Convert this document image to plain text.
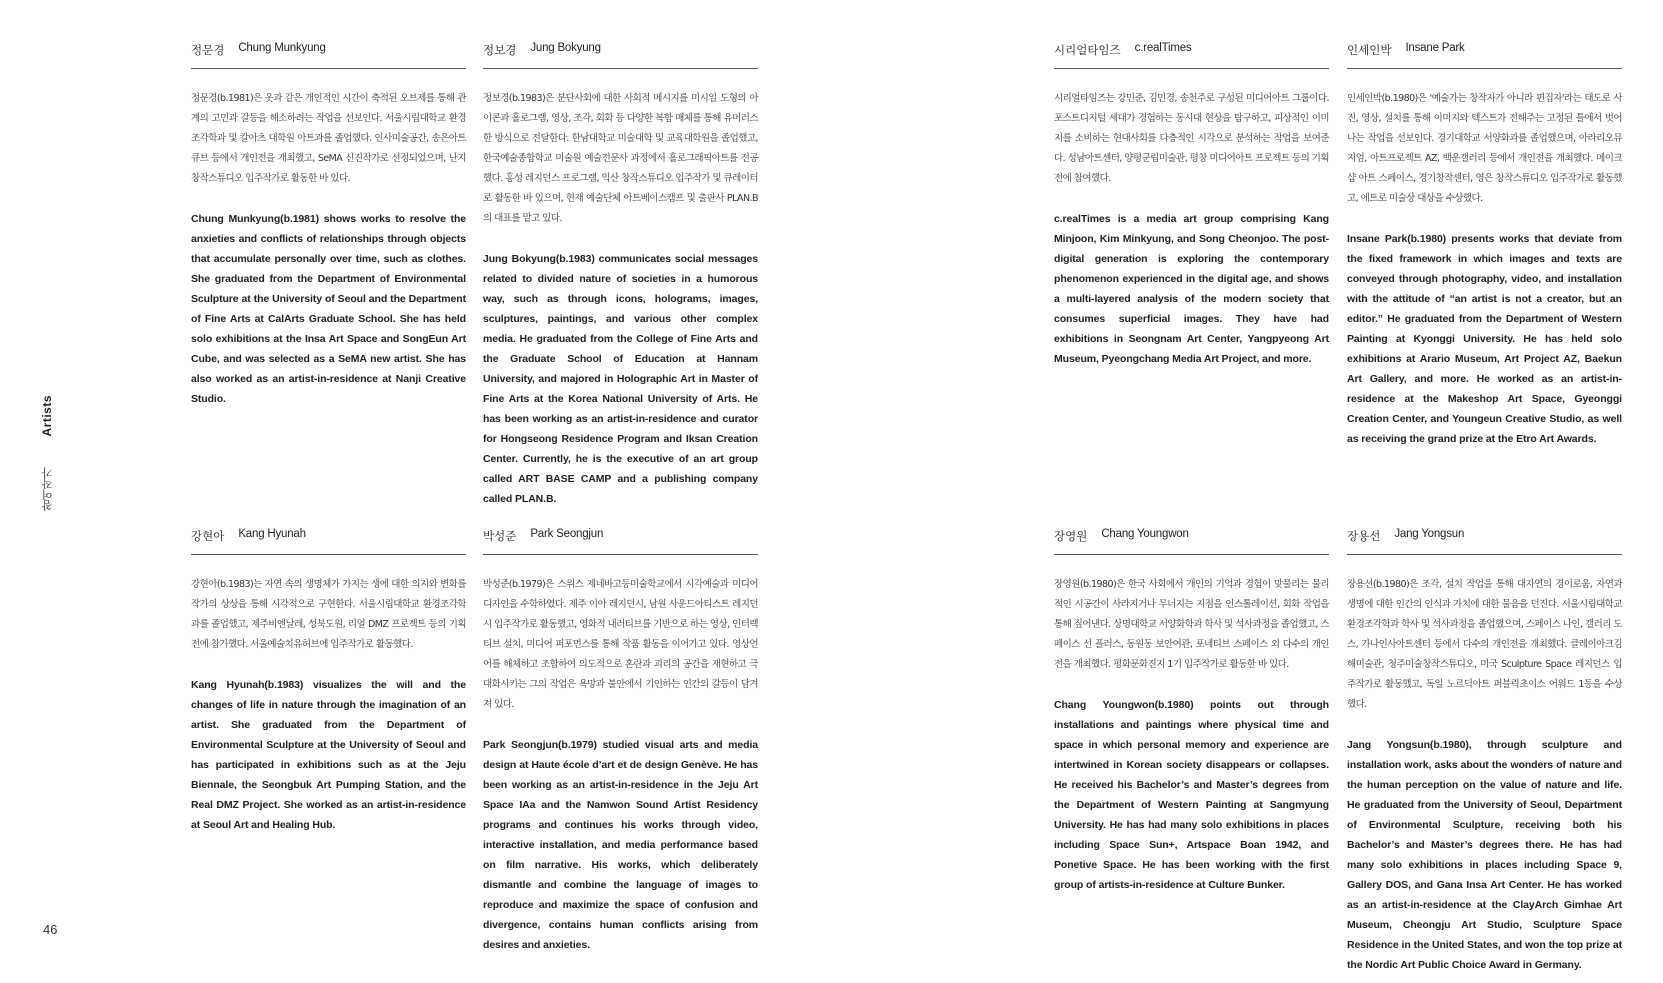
Artists
참여작가
46
정문경 Chung Munkyung
정문경(b.1981)은 옷과 같은 개인적인 시간이 축적된 오브제를 통해 관계의 고민과 갈등을 해소하려는 작업을 선보인다. 서울시립대학교 환경조각학과 및 칼아츠 대학원 아트과를 졸업했다. 인사미술공간, 송은아트큐브 등에서 개인전을 개최했고, SeMA 신진작가로 선정되었으며, 난지창작스튜디오 입주작가로 활동한 바 있다.
Chung Munkyung(b.1981) shows works to resolve the anxieties and conflicts of relationships through objects that accumulate personally over time, such as clothes. She graduated from the Department of Environmental Sculpture at the University of Seoul and the Department of Fine Arts at CalArts Graduate School. She has held solo exhibitions at the Insa Art Space and SongEun Art Cube, and was selected as a SeMA new artist. She has also worked as an artist-in-residence at Nanji Creative Studio.
정보경 Jung Bokyung
정보경(b.1983)은 분단사회에 대한 사회적 메시지를 미시일 도형의 아이콘과 홀로그램, 영상, 조각, 회화 등 다양한 복합 매체를 통해 유머러스한 방식으로 전달한다. 한남대학교 미술대학 및 교육대학원을 졸업했고, 한국예술종합학교 미술원 예술전문사 과정에서 홀로그래픽아트를 전공했다. 홍성 레지던스 프로그램, 익산 창작스튜디오 입주작가 및 큐레이터로 활동한 바 있으며, 현재 예술단체 아트베이스캠프 및 출판사 PLAN.B의 대표를 맡고 있다.
Jung Bokyung(b.1983) communicates social messages related to divided nature of societies in a humorous way, such as through icons, holograms, images, sculptures, paintings, and various other complex media. He graduated from the College of Fine Arts and the Graduate School of Education at Hannam University, and majored in Holographic Art in Master of Fine Arts at the Korea National University of Arts. He has been working as an artist-in-residence and curator for Hongseong Residence Program and Iksan Creation Center. Currently, he is the executive of an art group called ART BASE CAMP and a publishing company called PLAN.B.
시리얼타임즈 c.realTimes
시리얼타임즈는 강민준, 김민경, 송천주로 구성된 미디어아트 그룹이다. 포스트디지털 세대가 경험하는 동시대 현상을 탐구하고, 피상적인 이미지를 소비하는 현대사회를 다층적인 시각으로 분석하는 작업을 보여준다. 성남아트센터, 양평군립미술관, 평창 미디어아트 프로젝트 등의 기획전에 참여했다.
c.realTimes is a media art group comprising Kang Minjoon, Kim Minkyung, and Song Cheonjoo. The post-digital generation is exploring the contemporary phenomenon experienced in the digital age, and shows a multi-layered analysis of the modern society that consumes superficial images. They have had exhibitions in Seongnam Art Center, Yangpyeong Art Museum, Pyeongchang Media Art Project, and more.
인세인박 Insane Park
인세인박(b.1980)은 '예술가는 창작자가 아니라 편집자'라는 태도로 사진, 영상, 설치를 통해 이미지와 텍스트가 전해주는 고정된 틀에서 벗어나는 작업을 선보인다. 경기대학교 서양화과를 졸업했으며, 아라리오뮤지엄, 아트프로젝트 AZ, 백운갤러리 등에서 개인전을 개최했다. 메이크샵 아트 스페이스, 경기창작센터, 영은 창작스튜디오 입주작가로 활동했고, 에트로 미술상 대상을 수상했다.
Insane Park(b.1980) presents works that deviate from the fixed framework in which images and texts are conveyed through photography, video, and installation with the attitude of “an artist is not a creator, but an editor.” He graduated from the Department of Western Painting at Kyonggi University. He has held solo exhibitions at Arario Museum, Art Project AZ, Baekun Art Gallery, and more. He worked as an artist-in-residence at the Makeshop Art Space, Gyeonggi Creation Center, and Youngeun Creative Studio, as well as receiving the grand prize at the Etro Art Awards.
강현아 Kang Hyunah
강현아(b.1983)는 자연 속의 생명체가 가지는 생에 대한 의지와 변화를 작가의 상상을 통해 시각적으로 구현한다. 서울시립대학교 환경조각학과를 졸업했고, 제주비엔날레, 성북도원, 리얼 DMZ 프로젝트 등의 기획전에 참가했다. 서울예술치유허브에 입주작가로 활동했다.
Kang Hyunah(b.1983) visualizes the will and the changes of life in nature through the imagination of an artist. She graduated from the Department of Environmental Sculpture at the University of Seoul and has participated in exhibitions such as at the Jeju Biennale, the Seongbuk Art Pumping Station, and the Real DMZ Project. She worked as an artist-in-residence at Seoul Art and Healing Hub.
박성준 Park Seongjun
박성준(b.1979)은 스위스 제네바고등미술학교에서 시각예술과 미디어 디자인을 수학하였다. 제주 이아 레지던시, 남원 사운드아티스트 레지던시 입주작가로 활동했고, 영화적 내러티브를 기반으로 하는 영상, 인터랙티브 설치, 미디어 퍼포먼스를 통해 작품 활동을 이어가고 있다. 영상언어를 해체하고 조합하여 의도적으로 혼란과 괴리의 공간을 재현하고 극대화시키는 그의 작업은 욕망과 불안에서 기인하는 인간의 갈등이 담겨져 있다.
Park Seongjun(b.1979) studied visual arts and media design at Haute école d’art et de design Genève. He has been working as an artist-in-residence in the Jeju Art Space IAa and the Namwon Sound Artist Residency programs and continues his works through video, interactive installation, and media performance based on film narrative. His works, which deliberately dismantle and combine the language of images to reproduce and maximize the space of confusion and divergence, contains human conflicts arising from desires and anxieties.
장영원 Chang Youngwon
장영원(b.1980)은 한국 사회에서 개인의 기억과 경험이 맞물리는 물리적인 시공간이 사라지거나 무너지는 지점을 인스톨레이션, 회화 작업을 통해 짚어낸다. 상명대학교 서양화학과 학사 및 석사과정을 졸업했고, 스페이스 선 플러스, 동원동 보안여관, 포네티브 스페이스 외 다수의 개인전을 개최했다. 평화문화진지 1기 입주작가로 활동한 바 있다.
Chang Youngwon(b.1980) points out through installations and paintings where physical time and space in which personal memory and experience are intertwined in Korean society disappears or collapses. He received his Bachelor’s and Master’s degrees from the Department of Western Painting at Sangmyung University. He has had many solo exhibitions in places including Space Sun+, Artspace Boan 1942, and Ponetive Space. He has been working with the first group of artists-in-residence at Culture Bunker.
장용선 Jang Yongsun
장용선(b.1980)은 조각, 설치 작업을 통해 대자연의 경이로움, 자연과 생명에 대한 인간의 인식과 가치에 대한 물음을 던진다. 서울시립대학교 환경조각학과 학사 및 석사과정을 졸업했으며, 스페이스 나인, 갤러리 도스, 가나인사아트센터 등에서 다수의 개인전을 개최했다. 클레이아크김해미술관, 청주미술창작스튜디오, 미국 Sculpture Space 레지던스 입주작가로 활동했고, 독일 노르딕아트 퍼블릭초이스 어워드 1등을 수상했다.
Jang Yongsun(b.1980), through sculpture and installation work, asks about the wonders of nature and the human perception on the value of nature and life. He graduated from the University of Seoul, Department of Environmental Sculpture, receiving both his Bachelor’s and Master’s degrees there. He has had many solo exhibitions in places including Space 9, Gallery DOS, and Gana Insa Art Center. He has worked as an artist-in-residence at the ClayArch Gimhae Art Museum, Cheongju Art Studio, Sculpture Space Residence in the United States, and won the top prize at the Nordic Art Public Choice Award in Germany.
